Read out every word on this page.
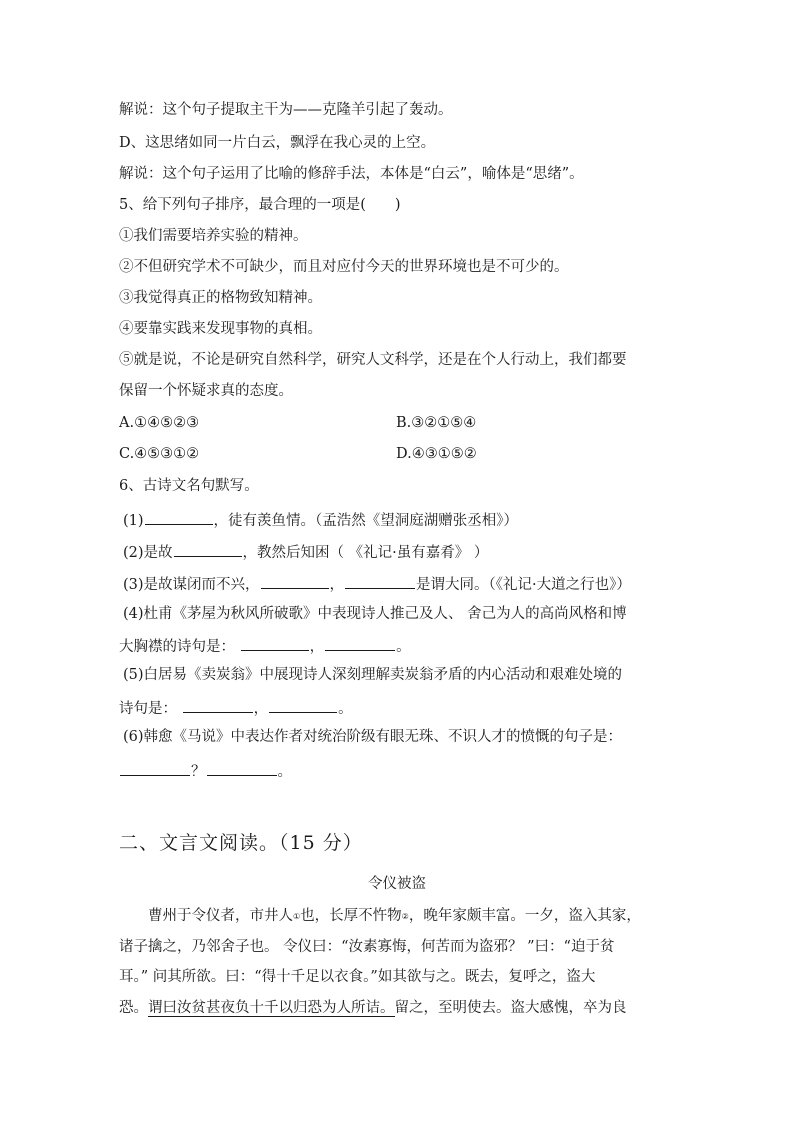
解说：这个句子提取主干为——克隆羊引起了轰动。
D、这思绪如同一片白云，飘浮在我心灵的上空。
解说：这个句子运用了比喻的修辞手法，本体是“白云”，喻体是“思绪”。
5、给下列句子排序，最合理的一项是(　　)
①我们需要培养实验的精神。
②不但研究学术不可缺少，而且对应付今天的世界环境也是不可少的。
③我觉得真正的格物致知精神。
④要靠实践来发现事物的真相。
⑤就是说，不论是研究自然科学，研究人文科学，还是在个人行动上，我们都要
保留一个怀疑求真的态度。
A.①④⑤②③	B.③②①⑤④
C.④⑤③①②	D.④③①⑤②
6、古诗文名句默写。
(1)	，徒有羡鱼情。（孟浩然《望洞庭湖赠张丞相》）
(2)是故	，教然后知困（ 《礼记·虽有嘉肴》 ）
(3)是故谋闭而不兴，	，	是谓大同。（《礼记·大道之行也》）
(4)杜甫《茅屋为秋风所破歌》中表现诗人推己及人、 舍己为人的高尚风格和博
大胸襟的诗句是：	，	。
(5)白居易《卖炭翁》中展现诗人深刻理解卖炭翁矛盾的内心活动和艰难处境的
诗句是：	，	。
(6)韩愈《马说》中表达作者对统治阶级有眼无珠、不识人才的愤慨的句子是：
？	。
二、文言文阅读。（15 分）
令仪被盗
曹州于令仪者，市井人①也，长厚不忤物②，晚年家颇丰富。一夕，盗入其家，
诸子擒之，乃邻舍子也。 令仪曰：“汝素寡悔，何苦而为盗邪？ ”曰：“迫于贫
耳。” 问其所欲。曰：“得十千足以衣食。”如其欲与之。既去，复呼之，盗大
恐。谓曰汝贫甚夜负十千以归恐为人所诘。留之，至明使去。盗大感愧，卒为良
